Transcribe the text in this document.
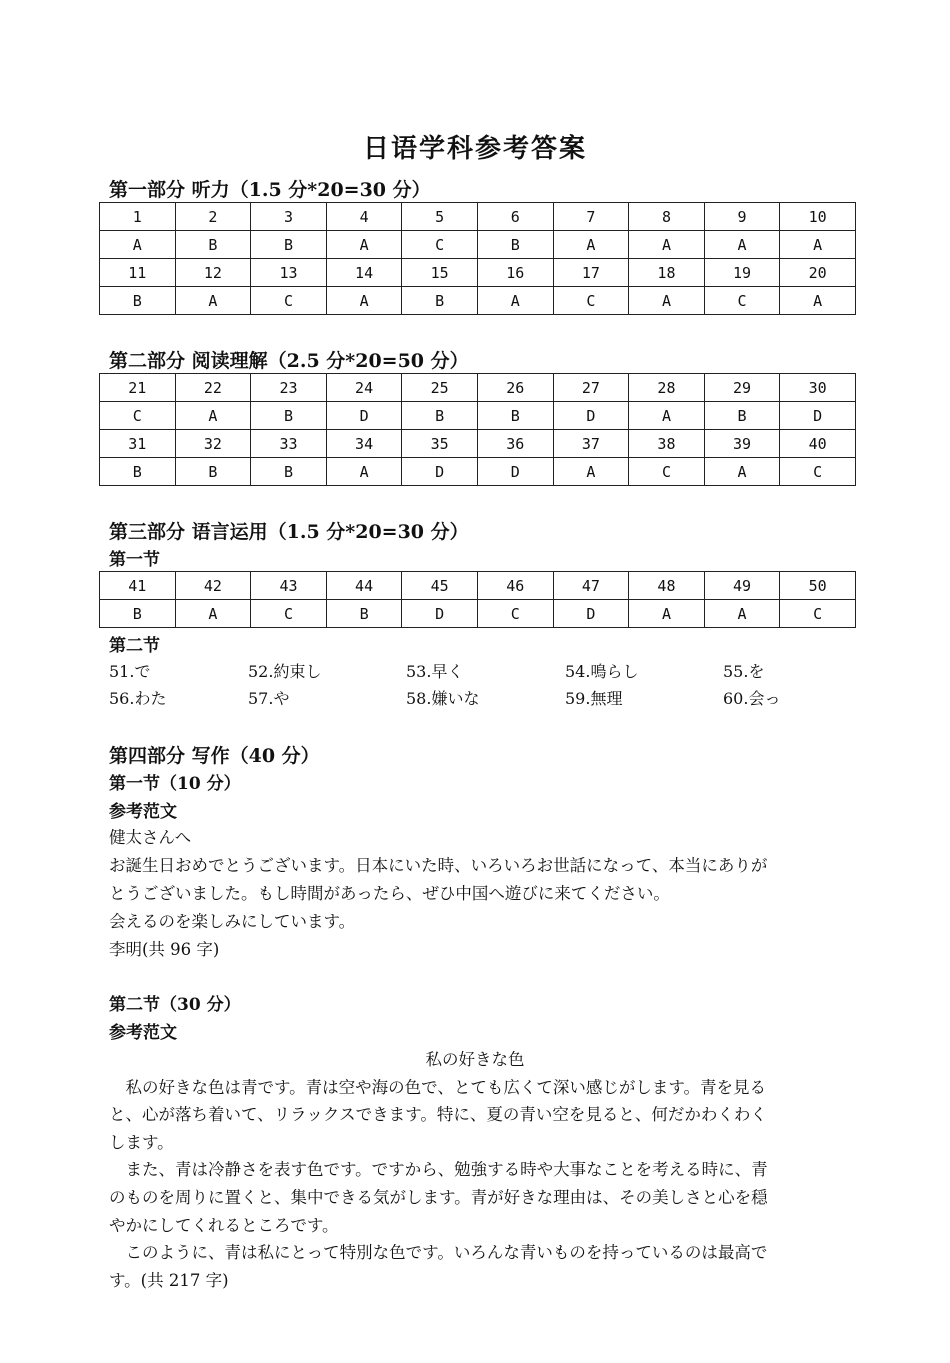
日语学科参考答案
第一部分 听力（1.5 分*20=30 分）
1	2	3	4	5	6	7	8	9	10
A	B	B	A	C	B	A	A	A	A
11	12	13	14	15	16	17	18	19	20
B	A	C	A	B	A	C	A	C	A
第二部分 阅读理解（2.5 分*20=50 分）
21	22	23	24	25	26	27	28	29	30
C	A	B	D	B	B	D	A	B	D
31	32	33	34	35	36	37	38	39	40
B	B	B	A	D	D	A	C	A	C
第三部分 语言运用（1.5 分*20=30 分）
第一节
41	42	43	44	45	46	47	48	49	50
B	A	C	B	D	C	D	A	A	C
第二节
51.で	52.約束し	53.早く	54.鳴らし	55.を
56.わた	57.や	58.嫌いな	59.無理	60.会っ
第四部分 写作（40 分）
第一节（10 分）
参考范文
健太さんへ
お誕生日おめでとうございます。日本にいた時、いろいろお世話になって、本当にありが
とうございました。もし時間があったら、ぜひ中国へ遊びに来てください。
会えるのを楽しみにしています。
李明(共 96 字)
第二节（30 分）
参考范文
私の好きな色
　私の好きな色は青です。青は空や海の色で、とても広くて深い感じがします。青を見る
と、心が落ち着いて、リラックスできます。特に、夏の青い空を見ると、何だかわくわく
します。
　また、青は冷静さを表す色です。ですから、勉強する時や大事なことを考える時に、青
のものを周りに置くと、集中できる気がします。青が好きな理由は、その美しさと心を穏
やかにしてくれるところです。
　このように、青は私にとって特別な色です。いろんな青いものを持っているのは最高で
す。(共 217 字)
